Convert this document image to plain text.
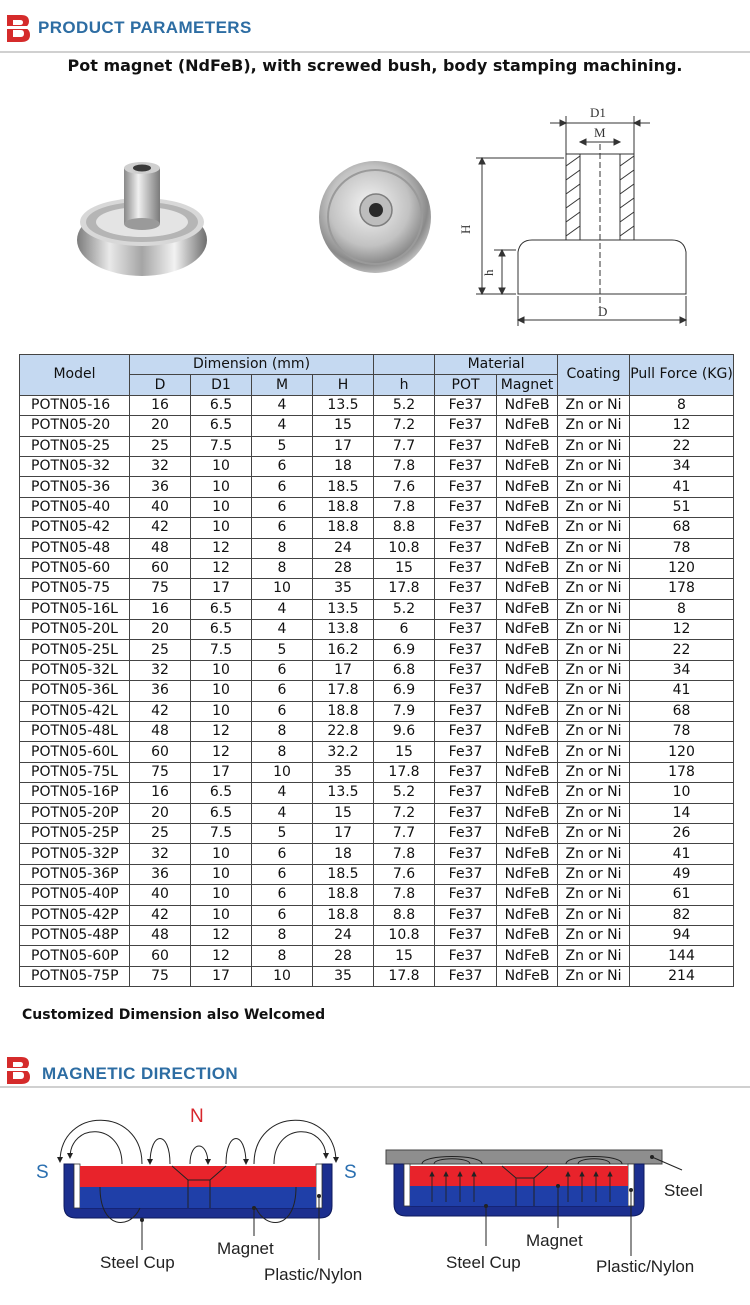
PRODUCT PARAMETERS
Pot magnet (NdFeB), with screwed bush, body stamping machining.
D1
M
H
h
D
Model	Dimension (mm)					Material		Coating	Pull Force (KG)
	D	D1	M	H	h	POT	Magnet		
POTN05-16	16	6.5	4	13.5	5.2	Fe37	NdFeB	Zn or Ni	8
POTN05-20	20	6.5	4	15	7.2	Fe37	NdFeB	Zn or Ni	12
POTN05-25	25	7.5	5	17	7.7	Fe37	NdFeB	Zn or Ni	22
POTN05-32	32	10	6	18	7.8	Fe37	NdFeB	Zn or Ni	34
POTN05-36	36	10	6	18.5	7.6	Fe37	NdFeB	Zn or Ni	41
POTN05-40	40	10	6	18.8	7.8	Fe37	NdFeB	Zn or Ni	51
POTN05-42	42	10	6	18.8	8.8	Fe37	NdFeB	Zn or Ni	68
POTN05-48	48	12	8	24	10.8	Fe37	NdFeB	Zn or Ni	78
POTN05-60	60	12	8	28	15	Fe37	NdFeB	Zn or Ni	120
POTN05-75	75	17	10	35	17.8	Fe37	NdFeB	Zn or Ni	178
POTN05-16L	16	6.5	4	13.5	5.2	Fe37	NdFeB	Zn or Ni	8
POTN05-20L	20	6.5	4	13.8	6	Fe37	NdFeB	Zn or Ni	12
POTN05-25L	25	7.5	5	16.2	6.9	Fe37	NdFeB	Zn or Ni	22
POTN05-32L	32	10	6	17	6.8	Fe37	NdFeB	Zn or Ni	34
POTN05-36L	36	10	6	17.8	6.9	Fe37	NdFeB	Zn or Ni	41
POTN05-42L	42	10	6	18.8	7.9	Fe37	NdFeB	Zn or Ni	68
POTN05-48L	48	12	8	22.8	9.6	Fe37	NdFeB	Zn or Ni	78
POTN05-60L	60	12	8	32.2	15	Fe37	NdFeB	Zn or Ni	120
POTN05-75L	75	17	10	35	17.8	Fe37	NdFeB	Zn or Ni	178
POTN05-16P	16	6.5	4	13.5	5.2	Fe37	NdFeB	Zn or Ni	10
POTN05-20P	20	6.5	4	15	7.2	Fe37	NdFeB	Zn or Ni	14
POTN05-25P	25	7.5	5	17	7.7	Fe37	NdFeB	Zn or Ni	26
POTN05-32P	32	10	6	18	7.8	Fe37	NdFeB	Zn or Ni	41
POTN05-36P	36	10	6	18.5	7.6	Fe37	NdFeB	Zn or Ni	49
POTN05-40P	40	10	6	18.8	7.8	Fe37	NdFeB	Zn or Ni	61
POTN05-42P	42	10	6	18.8	8.8	Fe37	NdFeB	Zn or Ni	82
POTN05-48P	48	12	8	24	10.8	Fe37	NdFeB	Zn or Ni	94
POTN05-60P	60	12	8	28	15	Fe37	NdFeB	Zn or Ni	144
POTN05-75P	75	17	10	35	17.8	Fe37	NdFeB	Zn or Ni	214
Customized Dimension also Welcomed
MAGNETIC DIRECTION
N
S	S
Steel Cup
Magnet
Plastic/Nylon
Steel
Steel Cup
Magnet
Plastic/Nylon
